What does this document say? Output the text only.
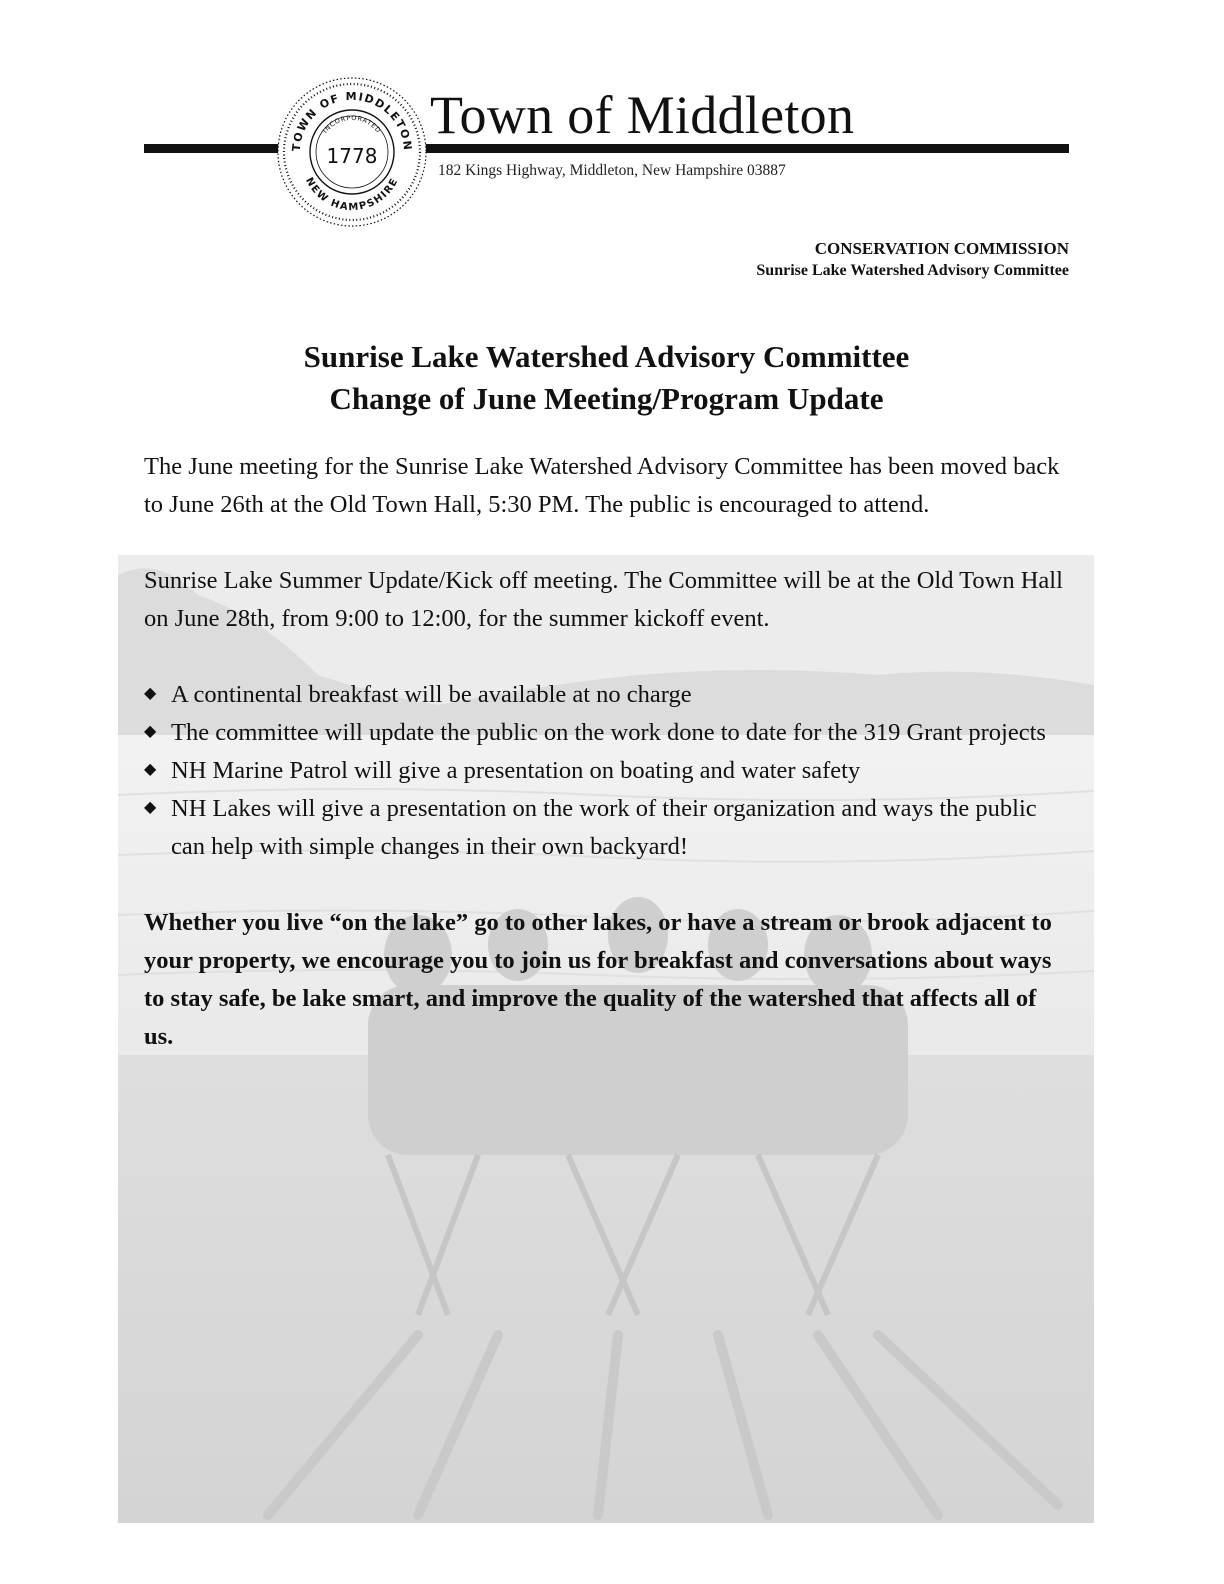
TOWN OF MIDDLETON
INCORPORATED
1778
NEW HAMPSHIRE
Town of Middleton
182 Kings Highway, Middleton, New Hampshire 03887
CONSERVATION COMMISSION
Sunrise Lake Watershed Advisory Committee
Sunrise Lake Watershed Advisory Committee
Change of June Meeting/Program Update

The June meeting for the Sunrise Lake Watershed Advisory Committee has been moved back to June 26th at the Old Town Hall, 5:30 PM. The public is encouraged to attend.

Sunrise Lake Summer Update/Kick off meeting. The Committee will be at the Old Town Hall on June 28th, from 9:00 to 12:00, for the summer kickoff event.

◆ A continental breakfast will be available at no charge
◆ The committee will update the public on the work done to date for the 319 Grant projects
◆ NH Marine Patrol will give a presentation on boating and water safety
◆ NH Lakes will give a presentation on the work of their organization and ways the public can help with simple changes in their own backyard!

Whether you live “on the lake” go to other lakes, or have a stream or brook adjacent to your property, we encourage you to join us for breakfast and conversations about ways to stay safe, be lake smart, and improve the quality of the watershed that affects all of us.
